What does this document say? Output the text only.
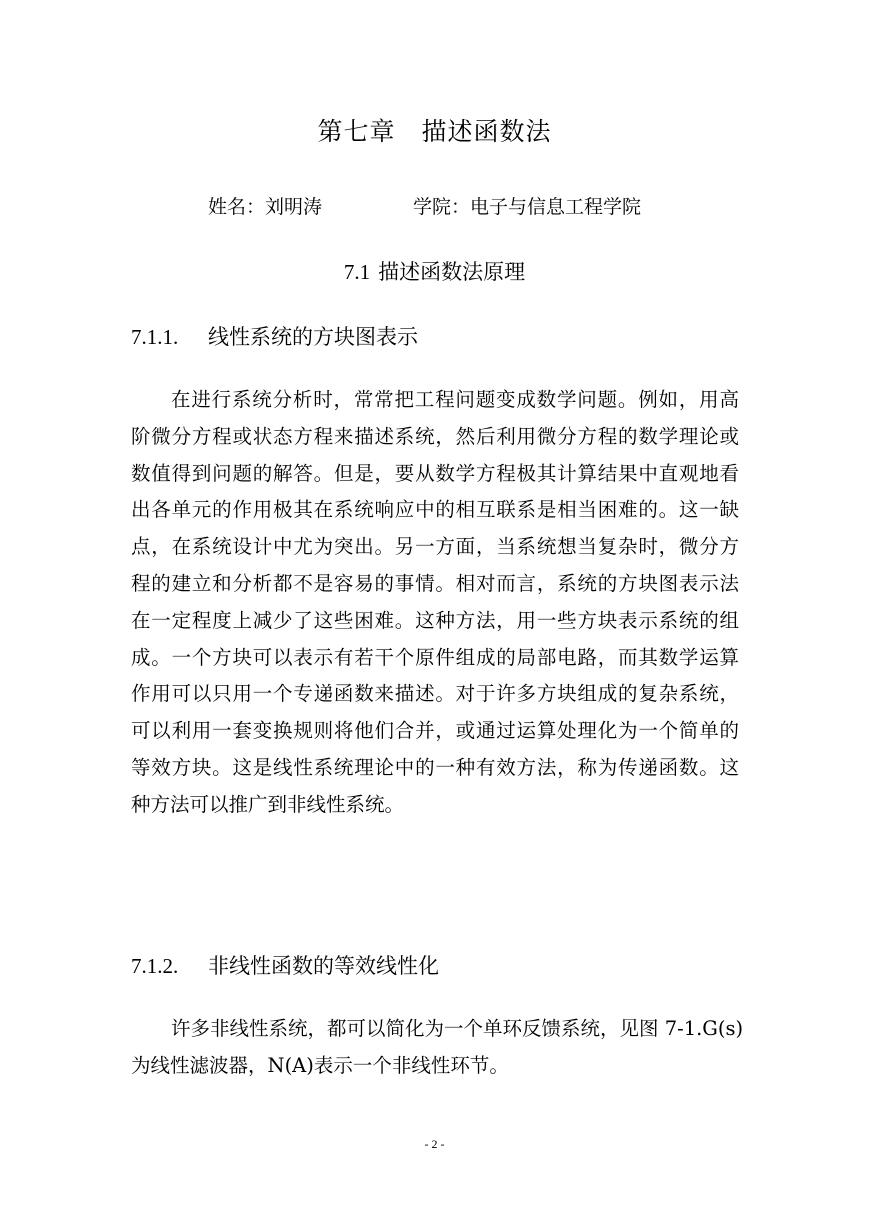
第七章　描述函数法
姓名：刘明涛	学院：电子与信息工程学院
7.1 描述函数法原理
7.1.1. 线性系统的方块图表示
在进行系统分析时，常常把工程问题变成数学问题。例如，用高
阶微分方程或状态方程来描述系统，然后利用微分方程的数学理论或
数值得到问题的解答。但是，要从数学方程极其计算结果中直观地看
出各单元的作用极其在系统响应中的相互联系是相当困难的。这一缺
点，在系统设计中尤为突出。另一方面，当系统想当复杂时，微分方
程的建立和分析都不是容易的事情。相对而言，系统的方块图表示法
在一定程度上减少了这些困难。这种方法，用一些方块表示系统的组
成。一个方块可以表示有若干个原件组成的局部电路，而其数学运算
作用可以只用一个专递函数来描述。对于许多方块组成的复杂系统，
可以利用一套变换规则将他们合并，或通过运算处理化为一个简单的
等效方块。这是线性系统理论中的一种有效方法，称为传递函数。这
种方法可以推广到非线性系统。
7.1.2. 非线性函数的等效线性化
许多非线性系统，都可以简化为一个单环反馈系统，见图 7-1.G(s)
为线性滤波器，N(A)表示一个非线性环节。
- 2 -
